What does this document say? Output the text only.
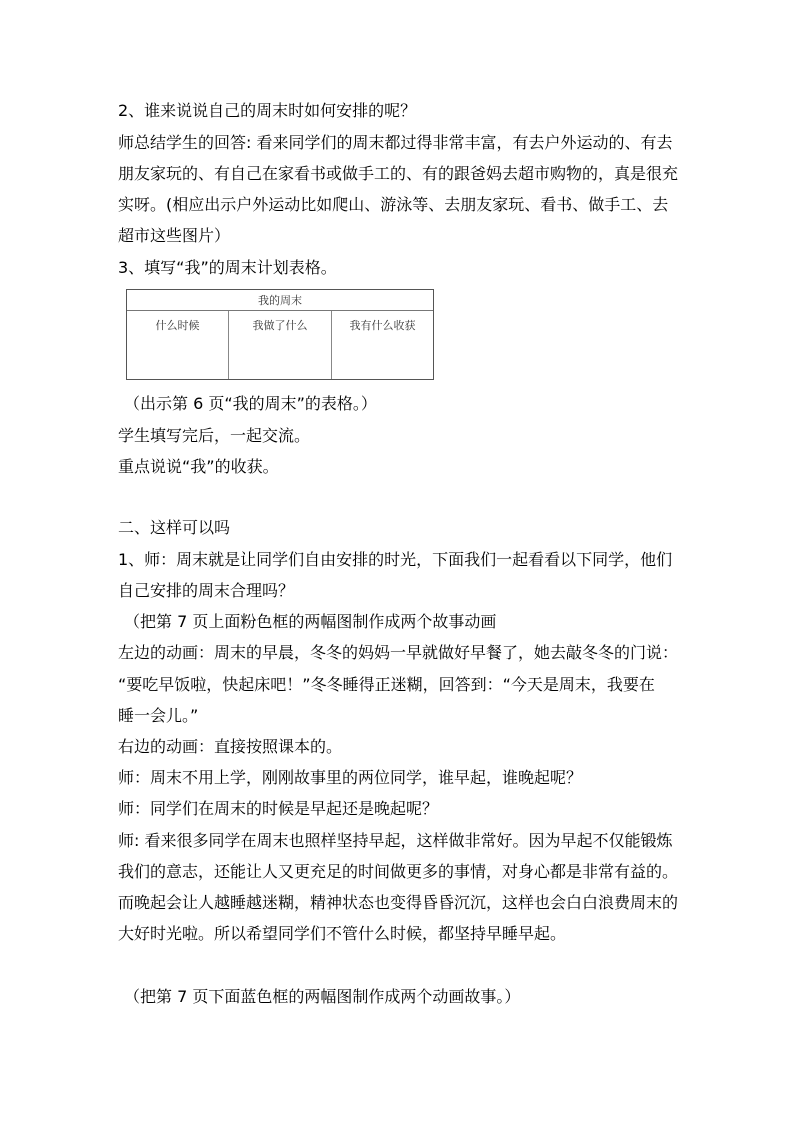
2、谁来说说自己的周末时如何安排的呢？
师总结学生的回答: 看来同学们的周末都过得非常丰富，有去户外运动的、有去
朋友家玩的、有自己在家看书或做手工的、有的跟爸妈去超市购物的，真是很充
实呀。(相应出示户外运动比如爬山、游泳等、去朋友家玩、看书、做手工、去
超市这些图片）
3、填写“我”的周末计划表格。
我的周末
什么时候	我做了什么	我有什么收获
（出示第 6 页“我的周末”的表格。）
学生填写完后，一起交流。
重点说说“我”的收获。
二、这样可以吗
1、师：周末就是让同学们自由安排的时光，下面我们一起看看以下同学，他们
自己安排的周末合理吗？
（把第 7 页上面粉色框的两幅图制作成两个故事动画
左边的动画：周末的早晨，冬冬的妈妈一早就做好早餐了，她去敲冬冬的门说：
“要吃早饭啦，快起床吧！”冬冬睡得正迷糊，回答到：“今天是周末，我要在
睡一会儿。”
右边的动画：直接按照课本的。
师：周末不用上学，刚刚故事里的两位同学，谁早起，谁晚起呢？
师：同学们在周末的时候是早起还是晚起呢？
师: 看来很多同学在周末也照样坚持早起，这样做非常好。因为早起不仅能锻炼
我们的意志，还能让人又更充足的时间做更多的事情，对身心都是非常有益的。
而晚起会让人越睡越迷糊，精神状态也变得昏昏沉沉，这样也会白白浪费周末的
大好时光啦。所以希望同学们不管什么时候，都坚持早睡早起。
（把第 7 页下面蓝色框的两幅图制作成两个动画故事。）
